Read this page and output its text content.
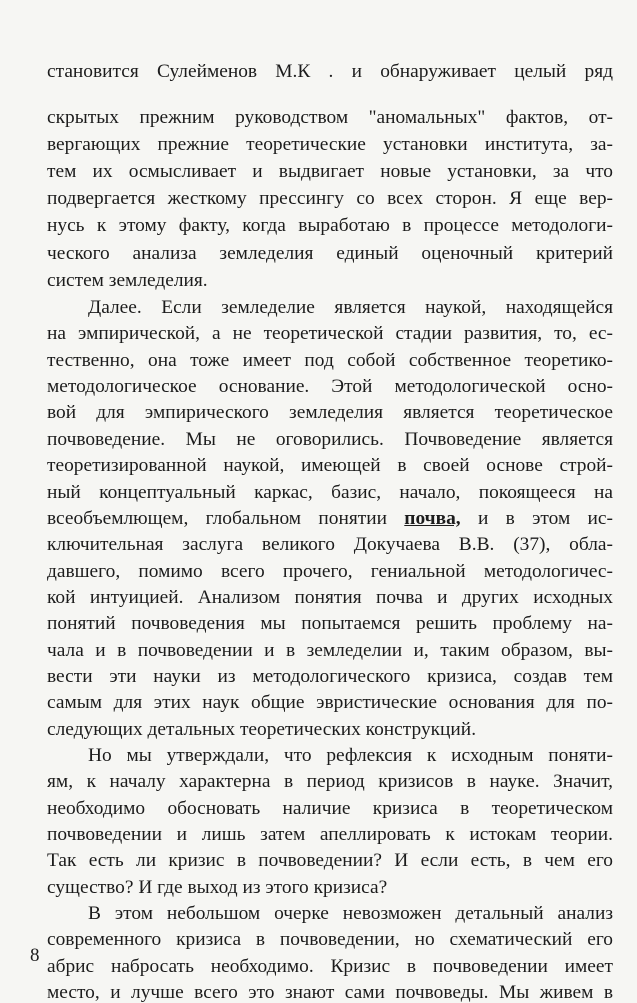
становится Сулейменов М.К . и обнаруживает целый ряд
скрытых прежним руководством "аномальных" фактов, от-
вергающих прежние теоретические установки института, за-
тем их осмысливает и выдвигает новые установки, за что
подвергается жесткому прессингу со всех сторон. Я еще вер-
нусь к этому факту, когда выработаю в процессе методологи-
ческого анализа земледелия единый оценочный критерий
систем земледелия.
Далее. Если земледелие является наукой, находящейся
на эмпирической, а не теоретической стадии развития, то, ес-
тественно, она тоже имеет под собой собственное теоретико-
методологическое основание. Этой методологической осно-
вой для эмпирического земледелия является теоретическое
почвоведение. Мы не оговорились. Почвоведение является
теоретизированной наукой, имеющей в своей основе строй-
ный концептуальный каркас, базис, начало, покоящееся на
всеобъемлющем, глобальном понятии почва, и в этом ис-
ключительная заслуга великого Докучаева В.В. (37), обла-
давшего, помимо всего прочего, гениальной методологичес-
кой интуицией. Анализом понятия почва и других исходных
понятий почвоведения мы попытаемся решить проблему на-
чала и в почвоведении и в земледелии и, таким образом, вы-
вести эти науки из методологического кризиса, создав тем
самым для этих наук общие эвристические основания для по-
следующих детальных теоретических конструкций.
Но мы утверждали, что рефлексия к исходным поняти-
ям, к началу характерна в период кризисов в науке. Значит,
необходимо обосновать наличие кризиса в теоретическом
почвоведении и лишь затем апеллировать к истокам теории.
Так есть ли кризис в почвоведении? И если есть, в чем его
существо? И где выход из этого кризиса?
В этом небольшом очерке невозможен детальный анализ
современного кризиса в почвоведении, но схематический его
абрис набросать необходимо. Кризис в почвоведении имеет
место, и лучше всего это знают сами почвоведы. Мы живем в
8
